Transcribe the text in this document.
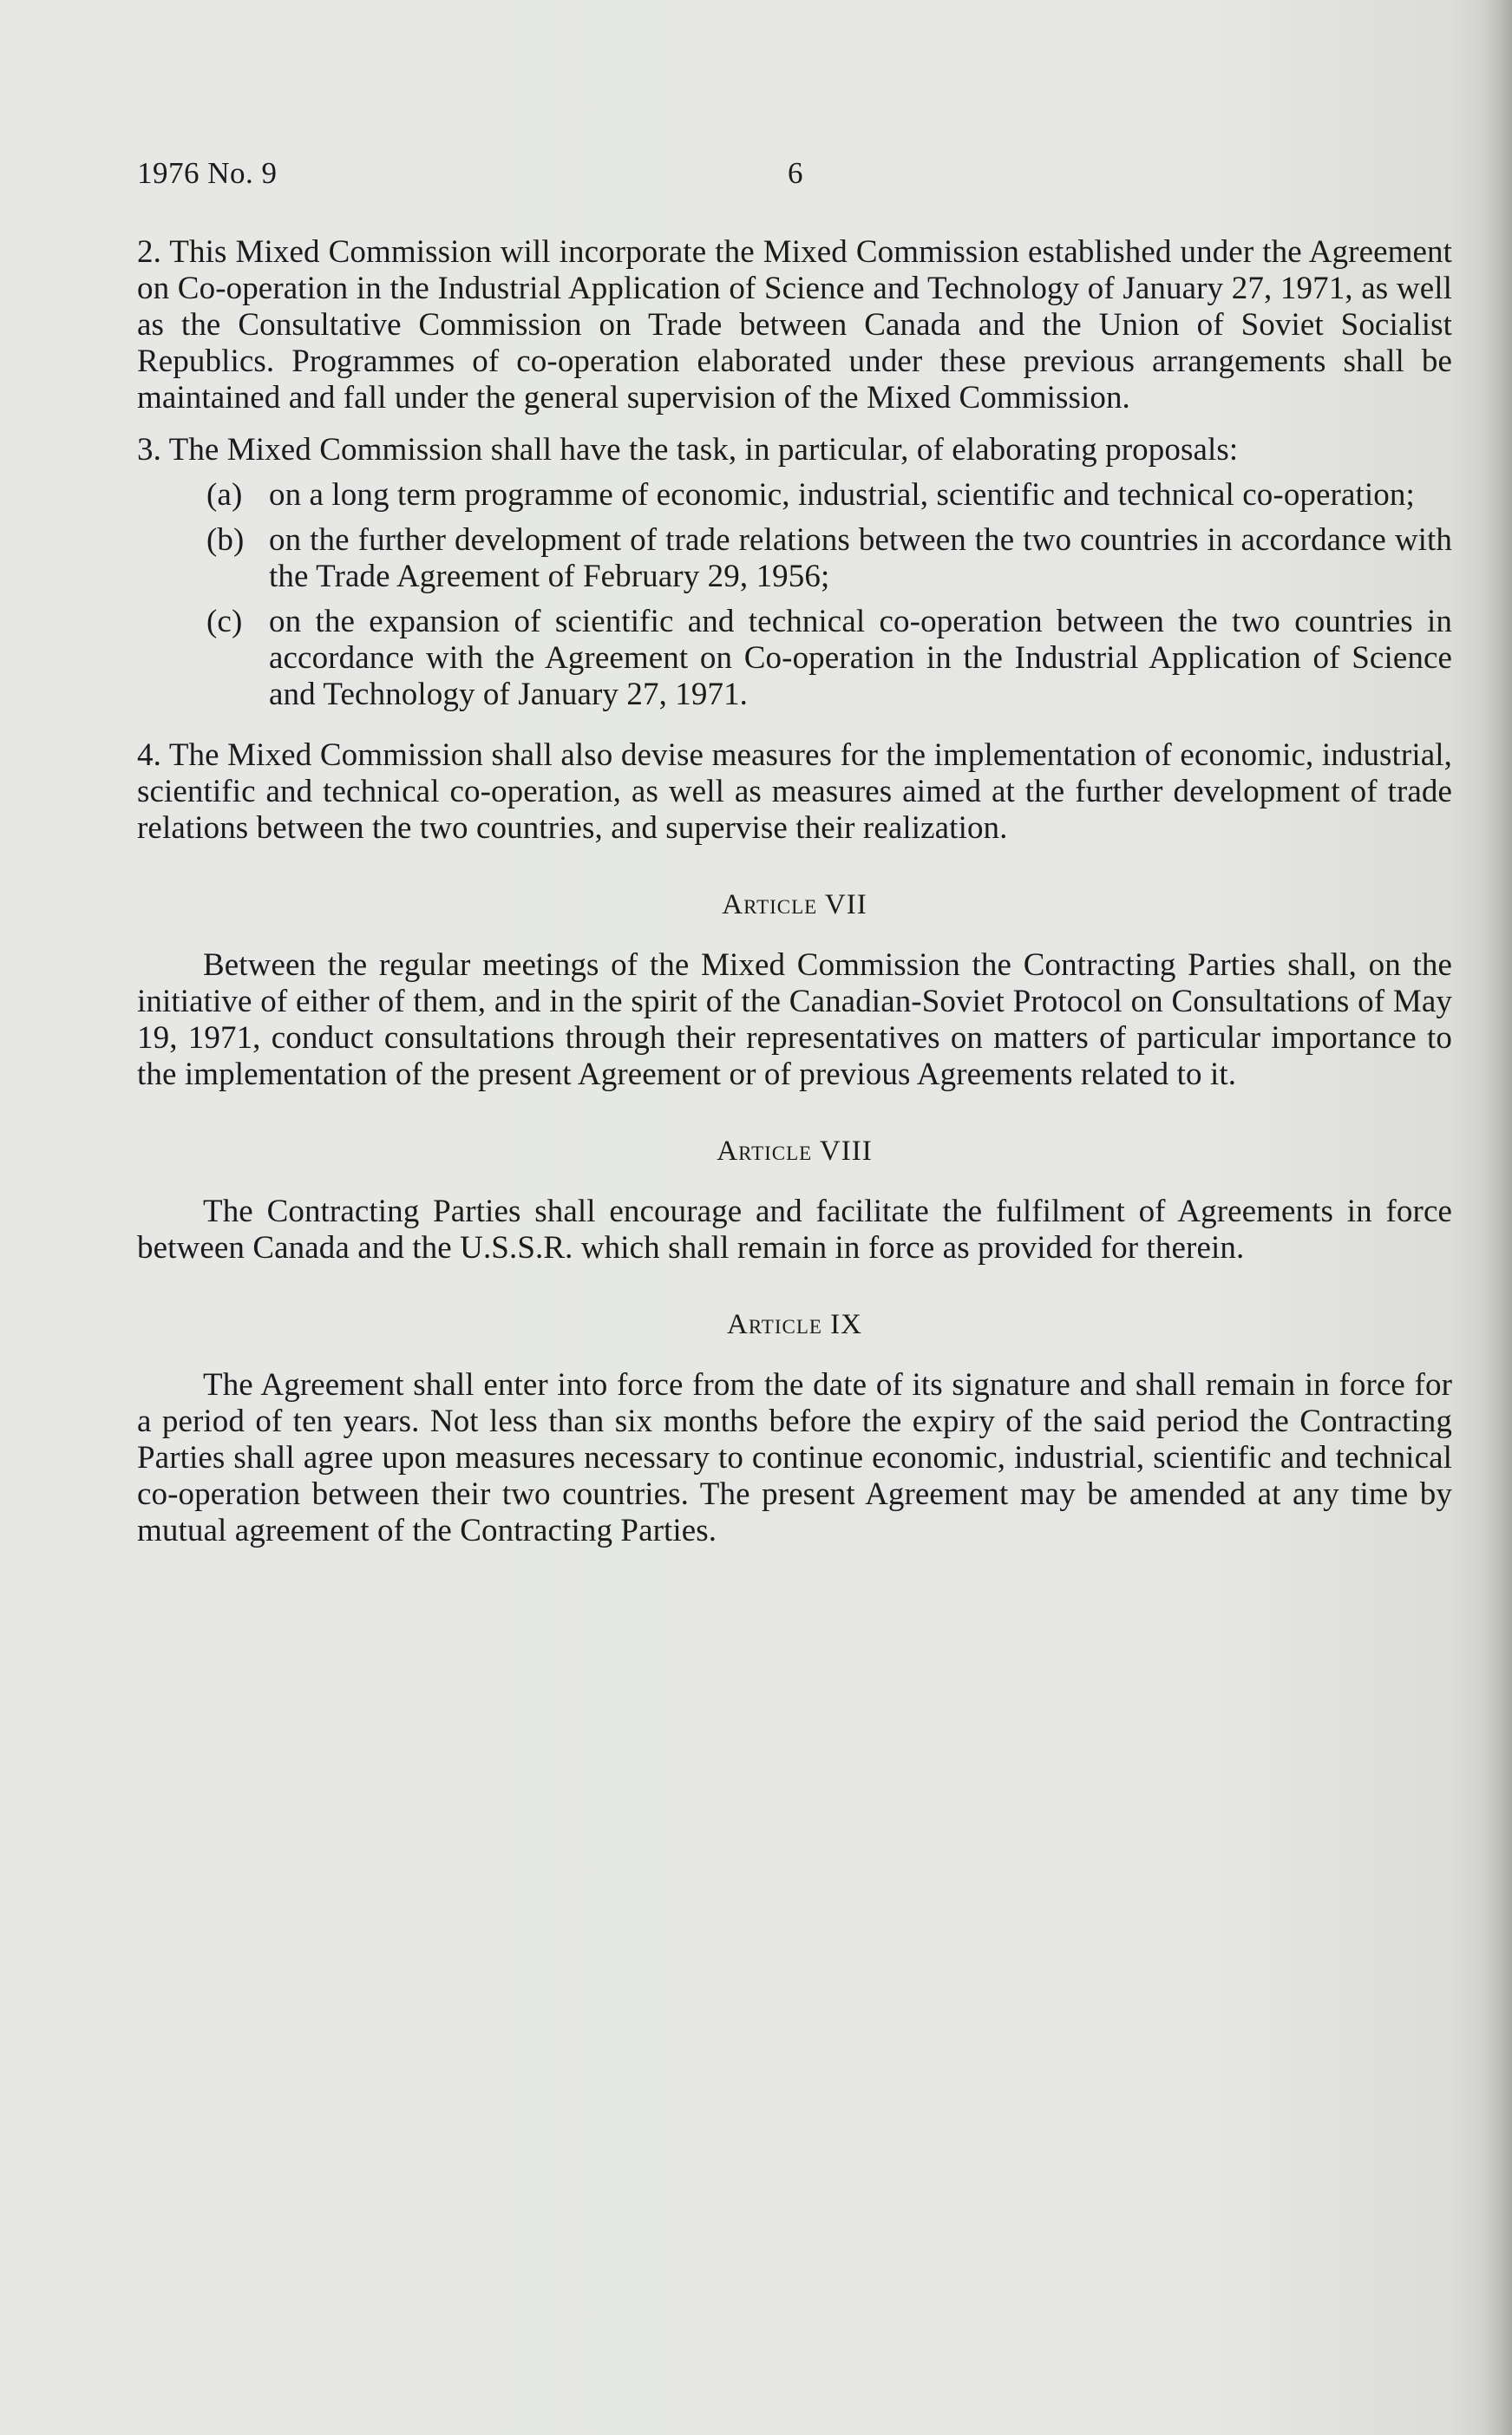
1976 No. 9	6

2. This Mixed Commission will incorporate the Mixed Commission established under the Agreement on Co-operation in the Industrial Application of Science and Technology of January 27, 1971, as well as the Consultative Commission on Trade between Canada and the Union of Soviet Socialist Republics. Programmes of co-operation elaborated under these previous arrangements shall be maintained and fall under the general supervision of the Mixed Commission.

3. The Mixed Commission shall have the task, in particular, of elaborating proposals:

(a) on a long term programme of economic, industrial, scientific and technical co-operation;
(b) on the further development of trade relations between the two countries in accordance with the Trade Agreement of February 29, 1956;
(c) on the expansion of scientific and technical co-operation between the two countries in accordance with the Agreement on Co-operation in the Industrial Application of Science and Technology of January 27, 1971.

4. The Mixed Commission shall also devise measures for the implementation of economic, industrial, scientific and technical co-operation, as well as measures aimed at the further development of trade relations between the two countries, and supervise their realization.

Article VII

Between the regular meetings of the Mixed Commission the Contracting Parties shall, on the initiative of either of them, and in the spirit of the Canadian-Soviet Protocol on Consultations of May 19, 1971, conduct consultations through their representatives on matters of particular importance to the implementation of the present Agreement or of previous Agreements related to it.

Article VIII

The Contracting Parties shall encourage and facilitate the fulfilment of Agreements in force between Canada and the U.S.S.R. which shall remain in force as provided for therein.

Article IX

The Agreement shall enter into force from the date of its signature and shall remain in force for a period of ten years. Not less than six months before the expiry of the said period the Contracting Parties shall agree upon measures necessary to continue economic, industrial, scientific and technical co-operation between their two countries. The present Agreement may be amended at any time by mutual agreement of the Contracting Parties.
